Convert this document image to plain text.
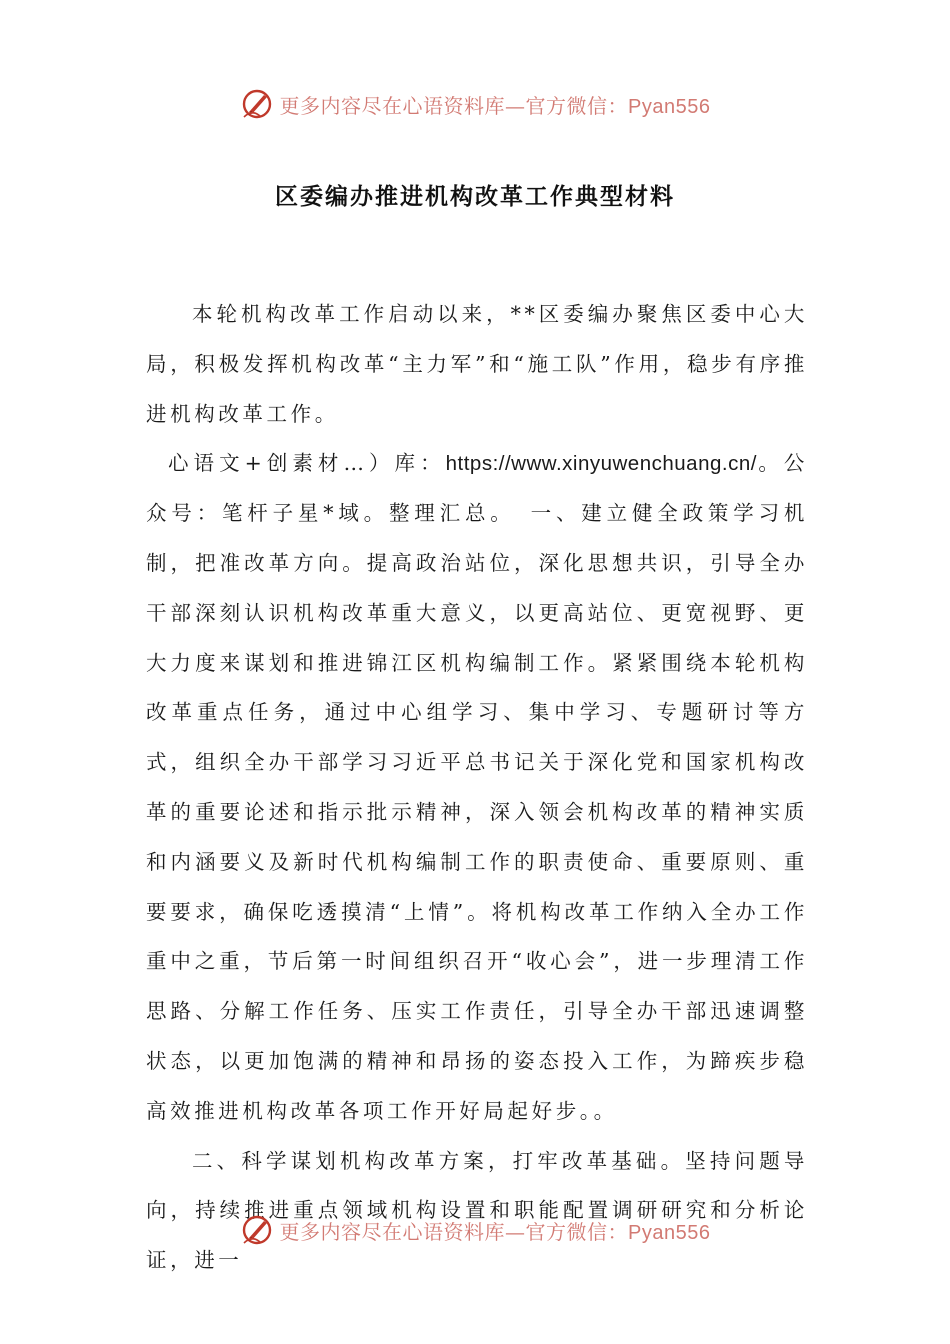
更多内容尽在心语资料库—官方微信：Pyan556
区委编办推进机构改革工作典型材料

本轮机构改革工作启动以来，**区委编办聚焦区委中心大局，积极发挥机构改革“主力军”和“施工队”作用，稳步有序推进机构改革工作。

心语文+创素材…）库：https://www.xinyuwenchuang.cn/。公众号：笔杆子星*域。整理汇总。　一、建立健全政策学习机制，把准改革方向。提高政治站位，深化思想共识，引导全办干部深刻认识机构改革重大意义，以更高站位、更宽视野、更大力度来谋划和推进锦江区机构编制工作。紧紧围绕本轮机构改革重点任务，通过中心组学习、集中学习、专题研讨等方式，组织全办干部学习习近平总书记关于深化党和国家机构改革的重要论述和指示批示精神，深入领会机构改革的精神实质和内涵要义及新时代机构编制工作的职责使命、重要原则、重要要求，确保吃透摸清“上情”。将机构改革工作纳入全办工作重中之重，节后第一时间组织召开“收心会”，进一步理清工作思路、分解工作任务、压实工作责任，引导全办干部迅速调整状态，以更加饱满的精神和昂扬的姿态投入工作，为蹄疾步稳高效推进机构改革各项工作开好局起好步。。

二、科学谋划机构改革方案，打牢改革基础。坚持问题导向，持续推进重点领域机构设置和职能配置调研研究和分析论证，进一

更多内容尽在心语资料库—官方微信：Pyan556
